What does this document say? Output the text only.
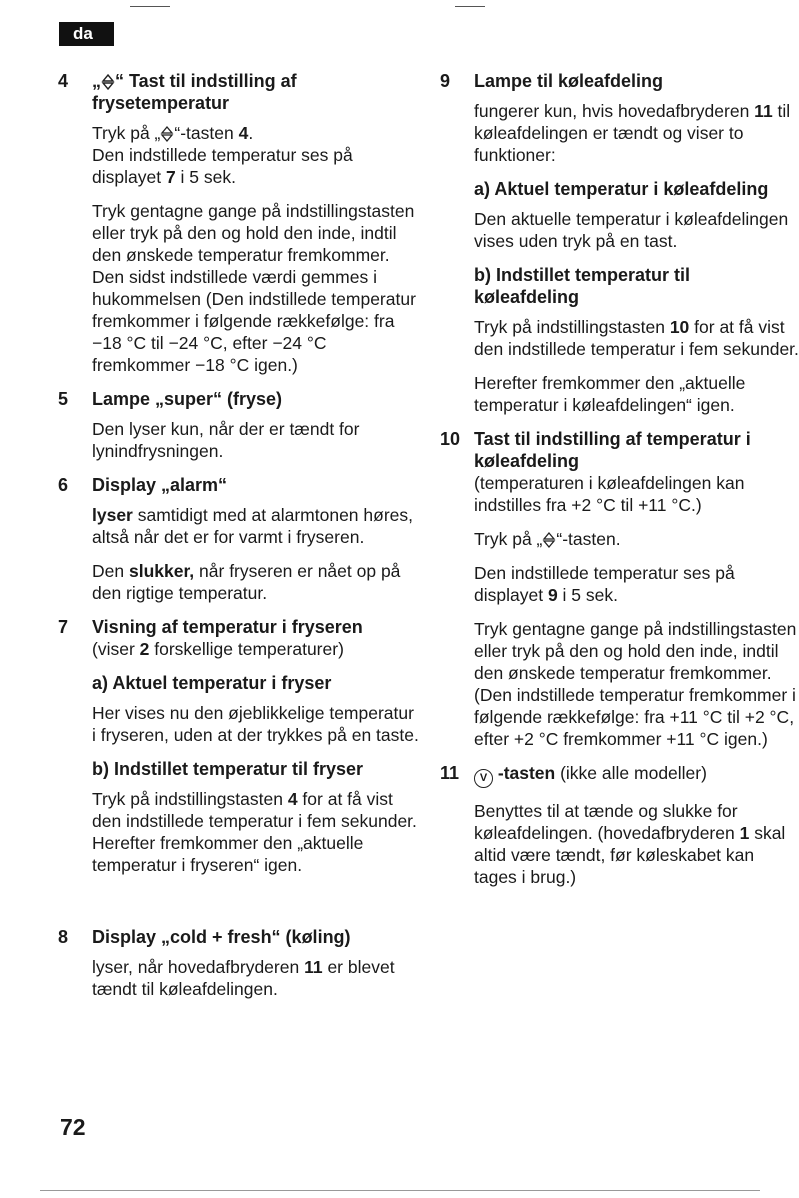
da
4	„ “ Tast til indstilling af frysetemperatur

Tryk på „ “-tasten 4.
Den indstillede temperatur ses på displayet 7 i 5 sek.

Tryk gentagne gange på indstillingstasten eller tryk på den og hold den inde, indtil den ønskede temperatur fremkommer. Den sidst indstillede værdi gemmes i hukommelsen (Den indstillede temperatur fremkommer i følgende rækkefølge: fra −18 °C til −24 °C, efter −24 °C fremkommer −18 °C igen.)

5	Lampe „super“ (fryse)

Den lyser kun, når der er tændt for lynindfrysningen.

6	Display „alarm“

lyser samtidigt med at alarmtonen høres, altså når det er for varmt i fryseren.

Den slukker, når fryseren er nået op på den rigtige temperatur.

7	Visning af temperatur i fryseren

(viser 2 forskellige temperaturer)

a) Aktuel temperatur i fryser

Her vises nu den øjeblikkelige temperatur i fryseren, uden at der trykkes på en taste.

b) Indstillet temperatur til fryser

Tryk på indstillingstasten 4 for at få vist den indstillede temperatur i fem sekunder. Herefter fremkommer den „aktuelle temperatur i fryseren“ igen.

8	Display „cold + fresh“ (køling)

lyser, når hovedafbryderen 11 er blevet tændt til køleafdelingen.

9	Lampe til køleafdeling

fungerer kun, hvis hovedafbryderen 11 til køleafdelingen er tændt og viser to funktioner:

a) Aktuel temperatur i køleafdeling

Den aktuelle temperatur i køleafdelingen vises uden tryk på en tast.

b) Indstillet temperatur til køleafdeling

Tryk på indstillingstasten 10 for at få vist den indstillede temperatur i fem sekunder.

Herefter fremkommer den „aktuelle temperatur i køleafdelingen“ igen.

10 Tast til indstilling af temperatur i køleafdeling

(temperaturen i køleafdelingen kan indstilles fra +2 °C til +11 °C.)

Tryk på „ “-tasten.

Den indstillede temperatur ses på displayet 9 i 5 sek.

Tryk gentagne gange på indstillingstasten eller tryk på den og hold den inde, indtil den ønskede temperatur fremkommer.

(Den indstillede temperatur fremkommer i følgende rækkefølge: fra +11 °C til +2 °C, efter +2 °C fremkommer +11 °C igen.)

11	V -tasten (ikke alle modeller)

Benyttes til at tænde og slukke for køleafdelingen. (hovedafbryderen 1 skal altid være tændt, før køleskabet kan tages i brug.)

72
